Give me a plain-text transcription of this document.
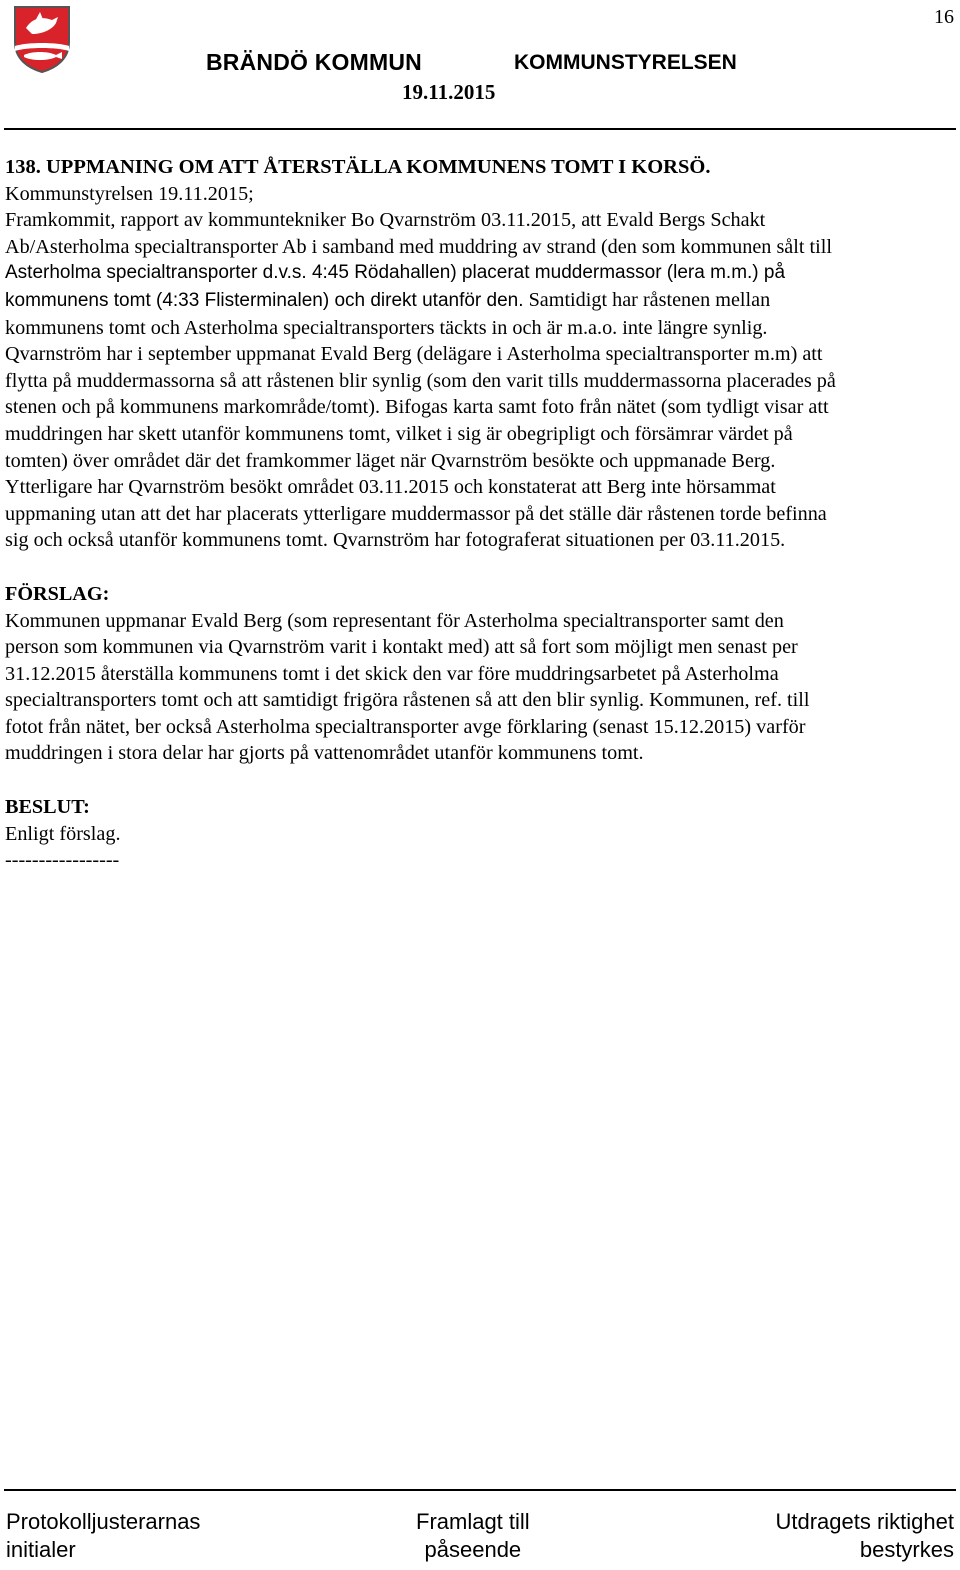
16
BRÄNDÖ KOMMUN	KOMMUNSTYRELSEN
19.11.2015

138. UPPMANING OM ATT ÅTERSTÄLLA KOMMUNENS TOMT I KORSÖ.

Kommunstyrelsen 19.11.2015;

Framkommit, rapport av kommuntekniker Bo Qvarnström 03.11.2015, att Evald Bergs Schakt

Ab/Asterholma specialtransporter Ab i samband med muddring av strand (den som kommunen sålt till

Asterholma specialtransporter d.v.s. 4:45 Rödahallen) placerat muddermassor (lera m.m.) på

kommunens tomt (4:33 Flisterminalen) och direkt utanför den. Samtidigt har råstenen mellan

kommunens tomt och Asterholma specialtransporters täckts in och är m.a.o. inte längre synlig.

Qvarnström har i september uppmanat Evald Berg (delägare i Asterholma specialtransporter m.m) att

flytta på muddermassorna så att råstenen blir synlig (som den varit tills muddermassorna placerades på

stenen och på kommunens markområde/tomt). Bifogas karta samt foto från nätet (som tydligt visar att

muddringen har skett utanför kommunens tomt, vilket i sig är obegripligt och försämrar värdet på

tomten) över området där det framkommer läget när Qvarnström besökte och uppmanade Berg.

Ytterligare har Qvarnström besökt området 03.11.2015 och konstaterat att Berg inte hörsammat

uppmaning utan att det har placerats ytterligare muddermassor på det ställe där råstenen torde befinna

sig och också utanför kommunens tomt. Qvarnström har fotograferat situationen per 03.11.2015.

FÖRSLAG:

Kommunen uppmanar Evald Berg (som representant för Asterholma specialtransporter samt den

person som kommunen via Qvarnström varit i kontakt med) att så fort som möjligt men senast per

31.12.2015 återställa kommunens tomt i det skick den var före muddringsarbetet på Asterholma

specialtransporters tomt och att samtidigt frigöra råstenen så att den blir synlig. Kommunen, ref. till

fotot från nätet, ber också Asterholma specialtransporter avge förklaring (senast 15.12.2015) varför

muddringen i stora delar har gjorts på vattenområdet utanför kommunens tomt.

BESLUT:

Enligt förslag.

-----------------

Protokolljusterarnas
initialer
Framlagt till
påseende
Utdragets riktighet
bestyrkes
